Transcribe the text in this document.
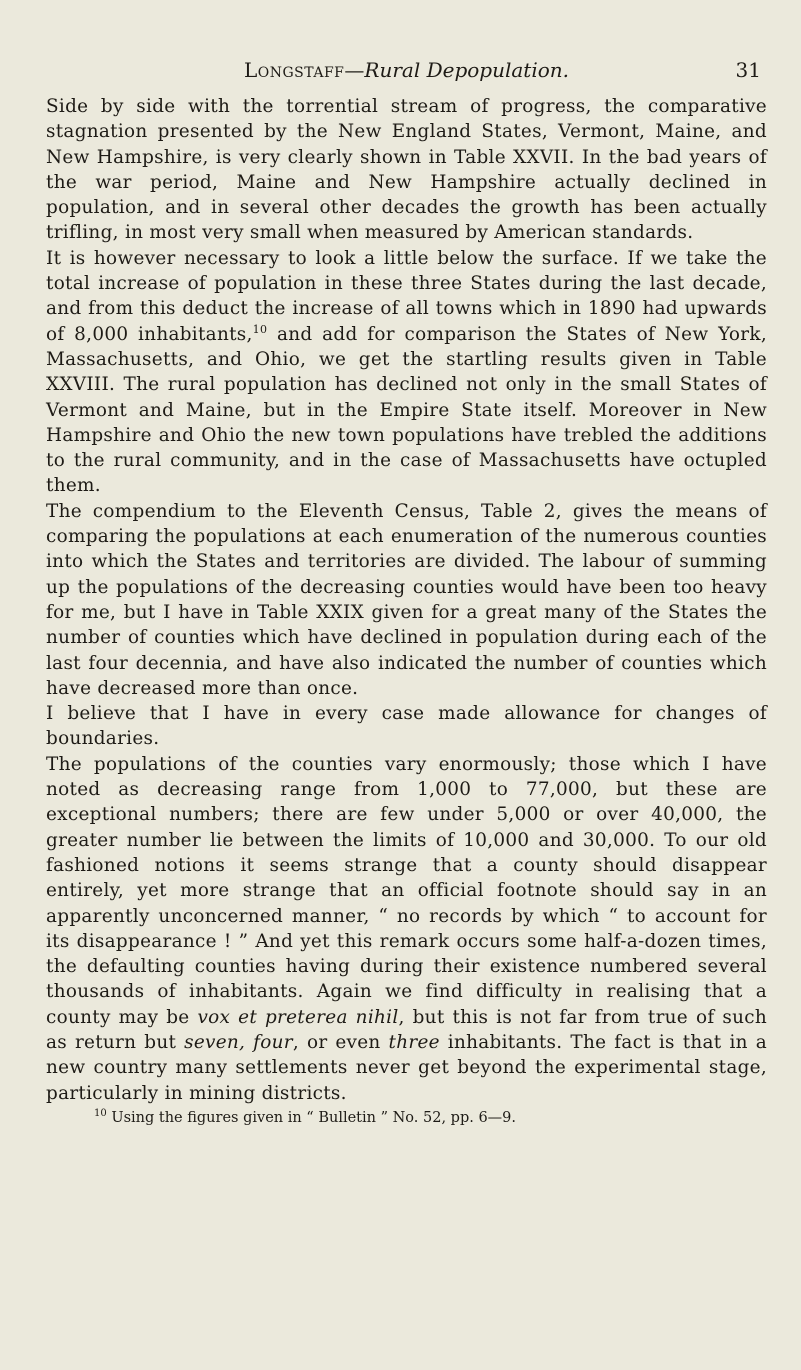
Longstaff—Rural Depopulation.	31

Side by side with the torrential stream of progress, the comparative stagnation presented by the New England States, Vermont, Maine, and New Hampshire, is very clearly shown in Table XXVII. In the bad years of the war period, Maine and New Hampshire actually declined in population, and in several other decades the growth has been actually trifling, in most very small when measured by American standards.

It is however necessary to look a little below the surface. If we take the total increase of population in these three States during the last decade, and from this deduct the increase of all towns which in 1890 had upwards of 8,000 inhabitants,$^{10}$ and add for comparison the States of New York, Massachusetts, and Ohio, we get the startling results given in Table XXVIII. The rural population has declined not only in the small States of Vermont and Maine, but in the Empire State itself. Moreover in New Hampshire and Ohio the new town populations have trebled the additions to the rural community, and in the case of Massachusetts have octupled them.

The compendium to the Eleventh Census, Table 2, gives the means of comparing the populations at each enumeration of the numerous counties into which the States and territories are divided. The labour of summing up the populations of the decreasing counties would have been too heavy for me, but I have in Table XXIX given for a great many of the States the number of counties which have declined in population during each of the last four decennia, and have also indicated the number of counties which have decreased more than once.

I believe that I have in every case made allowance for changes of boundaries.

The populations of the counties vary enormously; those which I have noted as decreasing range from 1,000 to 77,000, but these are exceptional numbers; there are few under 5,000 or over 40,000, the greater number lie between the limits of 10,000 and 30,000. To our old fashioned notions it seems strange that a county should disappear entirely, yet more strange that an official footnote should say in an apparently unconcerned manner, “ no records by which “ to account for its disappearance ! ” And yet this remark occurs some half-a-dozen times, the defaulting counties having during their existence numbered several thousands of inhabitants. Again we find difficulty in realising that a county may be vox et preterea nihil, but this is not far from true of such as return but seven, four, or even three inhabitants. The fact is that in a new country many settlements never get beyond the experimental stage, particularly in mining districts.

$^{10}$ Using the figures given in “ Bulletin ” No. 52, pp. 6—9.
